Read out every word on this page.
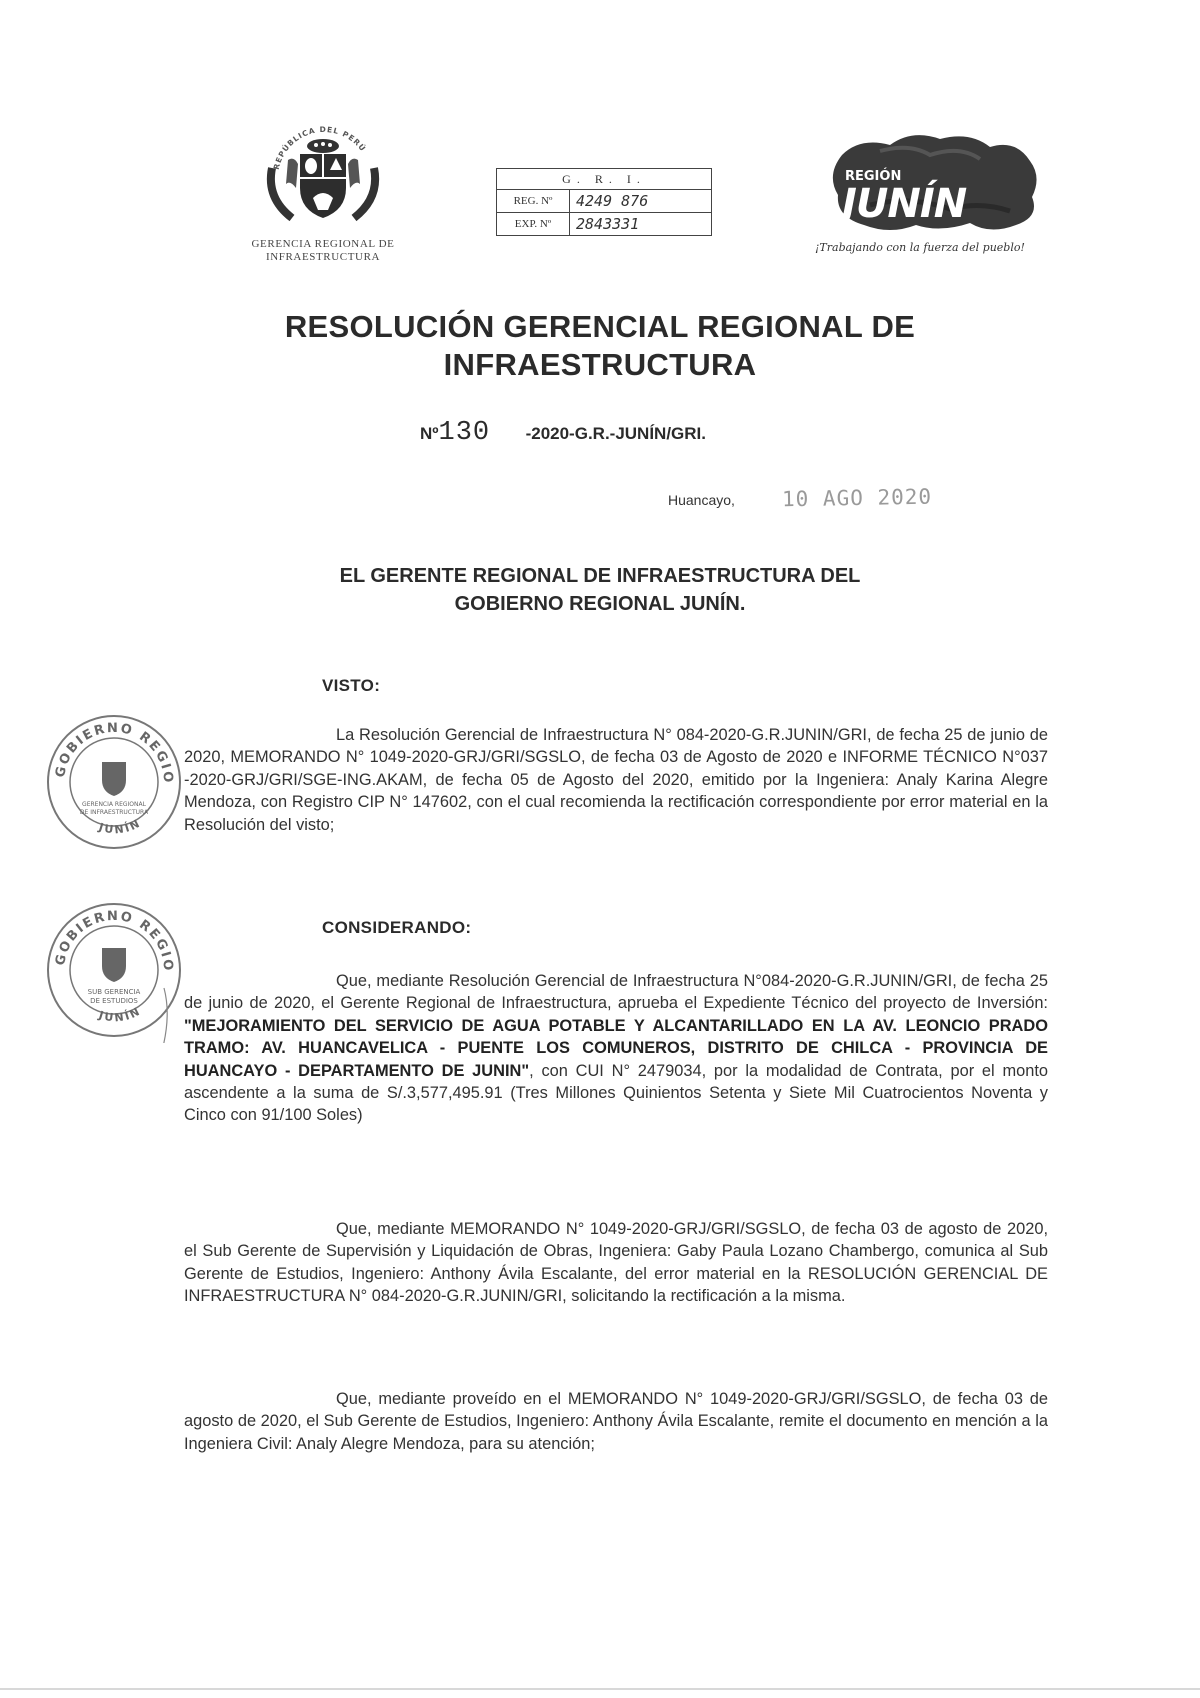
REPÚBLICA DEL PERÚ
GERENCIA REGIONAL DE
INFRAESTRUCTURA
G. R. I.
REG. Nº	4249 876
EXP. Nº	2843331
REGIÓN
JUNÍN
¡Trabajando con la fuerza del pueblo!
RESOLUCIÓN GERENCIAL REGIONAL DE
INFRAESTRUCTURA
Nº130 -2020-G.R.-JUNÍN/GRI.
Huancayo, 10 AGO 2020
EL GERENTE REGIONAL DE INFRAESTRUCTURA DEL
GOBIERNO REGIONAL JUNÍN.
VISTO:
La Resolución Gerencial de Infraestructura N° 084-2020-G.R.JUNIN/GRI, de fecha 25 de junio de 2020, MEMORANDO N° 1049-2020-GRJ/GRI/SGSLO, de fecha 03 de Agosto de 2020 e INFORME TÉCNICO N°037 -2020-GRJ/GRI/SGE-ING.AKAM, de fecha 05 de Agosto del 2020, emitido por la Ingeniera: Analy Karina Alegre Mendoza, con Registro CIP N° 147602, con el cual recomienda la rectificación correspondiente por error material en la Resolución del visto;
GOBIERNO REGIO
JUNÍN
GERENCIA REGIONAL
DE INFRAESTRUCTURA
CONSIDERANDO:
GOBIERNO REGIO
JUNÍN
SUB GERENCIA
DE ESTUDIOS
Que, mediante Resolución Gerencial de Infraestructura N°084-2020-G.R.JUNIN/GRI, de fecha 25 de junio de 2020, el Gerente Regional de Infraestructura, aprueba el Expediente Técnico del proyecto de Inversión: "MEJORAMIENTO DEL SERVICIO DE AGUA POTABLE Y ALCANTARILLADO EN LA AV. LEONCIO PRADO TRAMO: AV. HUANCAVELICA - PUENTE LOS COMUNEROS, DISTRITO DE CHILCA - PROVINCIA DE HUANCAYO - DEPARTAMENTO DE JUNIN", con CUI N° 2479034, por la modalidad de Contrata, por el monto ascendente a la suma de S/.3,577,495.91 (Tres Millones Quinientos Setenta y Siete Mil Cuatrocientos Noventa y Cinco con 91/100 Soles)
Que, mediante MEMORANDO N° 1049-2020-GRJ/GRI/SGSLO, de fecha 03 de agosto de 2020, el Sub Gerente de Supervisión y Liquidación de Obras, Ingeniera: Gaby Paula Lozano Chambergo, comunica al Sub Gerente de Estudios, Ingeniero: Anthony Ávila Escalante, del error material en la RESOLUCIÓN GERENCIAL DE INFRAESTRUCTURA N° 084-2020-G.R.JUNIN/GRI, solicitando la rectificación a la misma.
Que, mediante proveído en el MEMORANDO N° 1049-2020-GRJ/GRI/SGSLO, de fecha 03 de agosto de 2020, el Sub Gerente de Estudios, Ingeniero: Anthony Ávila Escalante, remite el documento en mención a la Ingeniera Civil: Analy Alegre Mendoza, para su atención;
